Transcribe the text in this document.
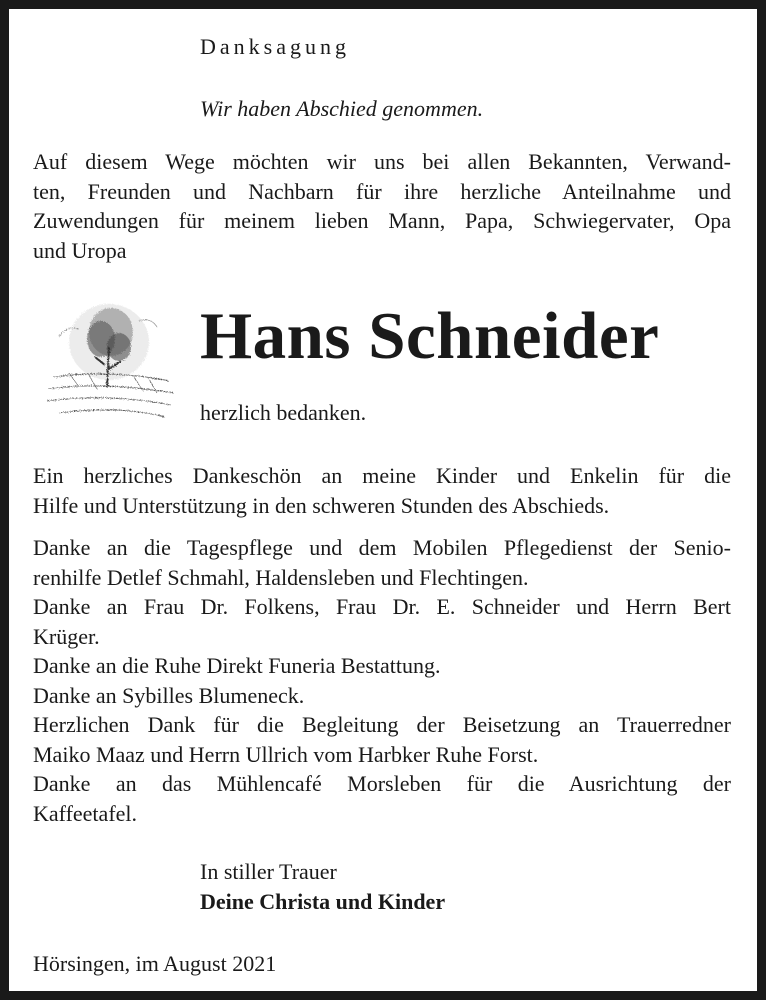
Danksagung
Wir haben Abschied genommen.
Auf diesem Wege möchten wir uns bei allen Bekannten, Verwand-
ten, Freunden und Nachbarn für ihre herzliche Anteilnahme und
Zuwendungen für meinem lieben Mann, Papa, Schwiegervater, Opa
und Uropa
Hans Schneider
herzlich bedanken.
Ein herzliches Dankeschön an meine Kinder und Enkelin für die
Hilfe und Unterstützung in den schweren Stunden des Abschieds.
Danke an die Tagespflege und dem Mobilen Pflegedienst der Senio-
renhilfe Detlef Schmahl, Haldensleben und Flechtingen.
Danke an Frau Dr. Folkens, Frau Dr. E. Schneider und Herrn Bert
Krüger.
Danke an die Ruhe Direkt Funeria Bestattung.
Danke an Sybilles Blumeneck.
Herzlichen Dank für die Begleitung der Beisetzung an Trauerredner
Maiko Maaz und Herrn Ullrich vom Harbker Ruhe Forst.
Danke an das Mühlencafé Morsleben für die Ausrichtung der
Kaffeetafel.
In stiller Trauer
Deine Christa und Kinder
Hörsingen, im August 2021
